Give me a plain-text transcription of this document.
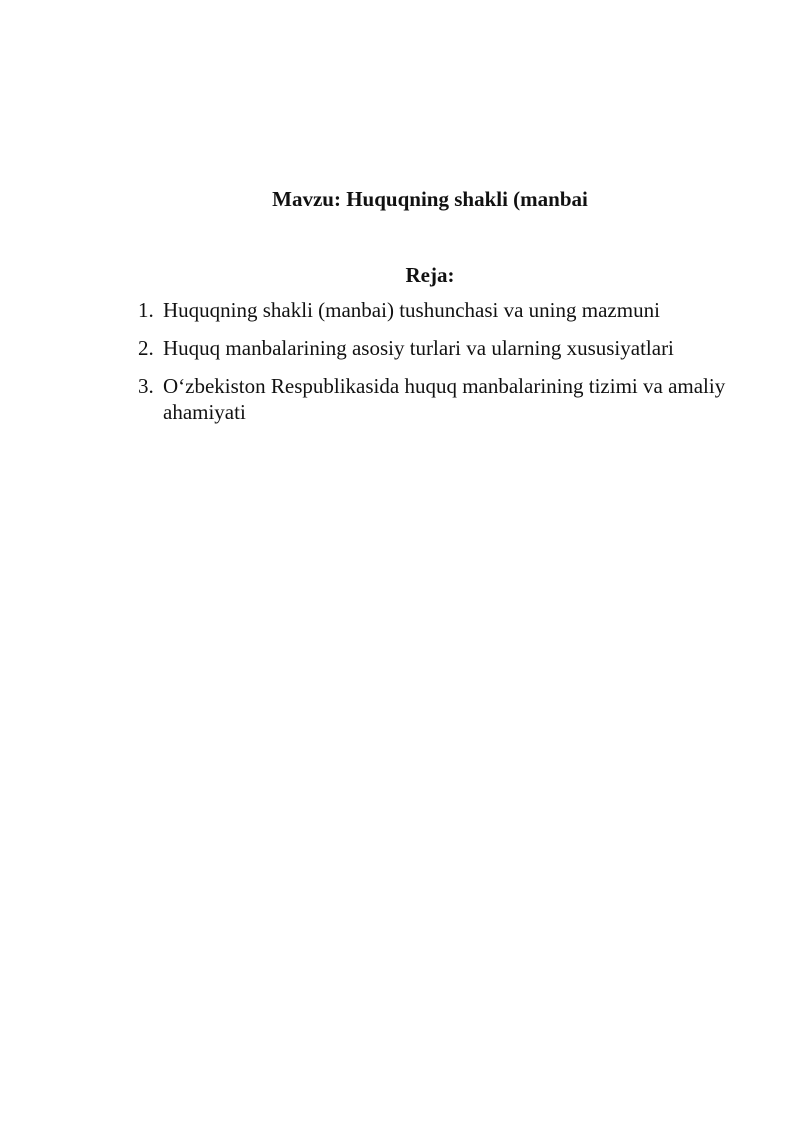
Mavzu: Huquqning shakli (manbai
Reja:
1. Huquqning shakli (manbai) tushunchasi va uning mazmuni
2. Huquq manbalarining asosiy turlari va ularning xususiyatlari
3. O‘zbekiston Respublikasida huquq manbalarining tizimi va amaliy ahamiyati
